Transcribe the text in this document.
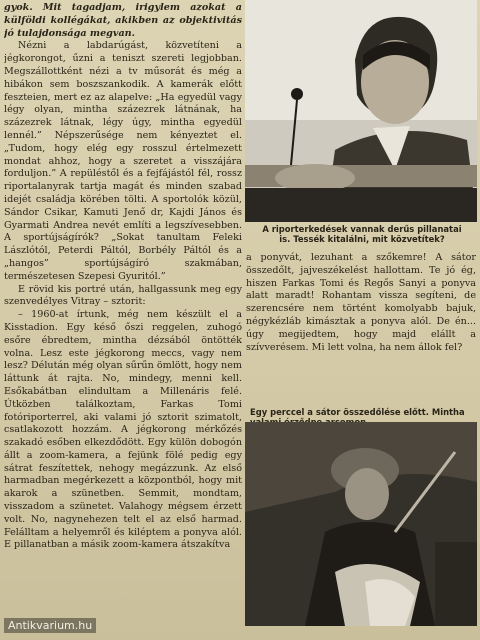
gyok. Mit tagadjam, irigylem azokat a külföldi kollégákat, akikben az objektivitás jó tulajdonsága megvan.

Nézni a labdarúgást, közvetíteni a jégkorongot, űzni a teniszt szereti legjobban. Megszállottként nézi a tv műsorát és még a hibákon sem boszszankodik. A kamerák előtt feszteien, mert ez az alapelve: „Ha egyedül vagy légy olyan, mintha százezrek látnának, ha százezrek látnak, légy úgy, mintha egyedül lennél.” Népszerűsége nem kényeztet el. „Tudom, hogy elég egy rosszul értelmezett mondat ahhoz, hogy a szeretet a visszájára forduljon.” A repüléstől és a fejfájástól fél, rossz riportalanyrak tartja magát és minden szabad idejét családja körében tölti. A sportolók közül, Sándor Csikar, Kamuti Jenő dr, Kajdi János és Gyarmati Andrea nevét említi a legszívesebben. A sportújságírók? „Sokat tanultam Feleki Lászlótól, Peterdi Páltól, Borbély Páltól és a „hangos” sportújságíró szakmában, természetesen Szepesi Gyuritól.”

E rövid kis portré után, hallgassunk meg egy szenvedélyes Vitray – sztorit:

– 1960-at írtunk, még nem készült el a Kisstadion. Egy késő őszi reggelen, zuhogó esőre ébredtem, mintha dézsából öntötték volna. Lesz este jégkorong meccs, vagy nem lesz? Délután még olyan sűrűn ömlött, hogy nem láttunk át rajta. No, mindegy, menni kell. Esőkabátban elindultam a Millenáris felé. Útközben találkoztam, Farkas Tomi fotóriporterrel, aki valami jó sztorit szimatolt, csatlakozott hozzám. A jégkorong mérkőzés szakadó esőben elkezdődött. Egy külön dobogón állt a zoom-kamera, a fejünk fölé pedig egy sátrat feszítettek, nehogy megázzunk. Az első harmadban megérkezett a központból, hogy mit akarok a szünetben. Semmit, mondtam, visszadom a szünetet. Valahogy mégsem érzett volt. No, nagynehezen telt el az első harmad. Felálltam a helyemről és kiléptem a ponyva alól. E pillanatban a másik zoom-kamera átszakítva

A riporterkedések vannak derűs pillanatai is. Tessék kitalálni, mit közvetítek?

a ponyvát, lezuhant a szőkemre! A sátor összedőlt, jajveszékelést hallottam. Te jó ég, hiszen Farkas Tomi és Regős Sanyi a ponyva alatt maradt! Rohantam vissza segíteni, de szerencsére nem történt komolyabb bajuk, négykézláb kimásztak a ponyva alól. De én... úgy megijedtem, hogy majd elállt a szívverésem. Mi lett volna, ha nem állok fel?

Egy perccel a sátor összedőlése előtt. Mintha
Antikvarium.hu
